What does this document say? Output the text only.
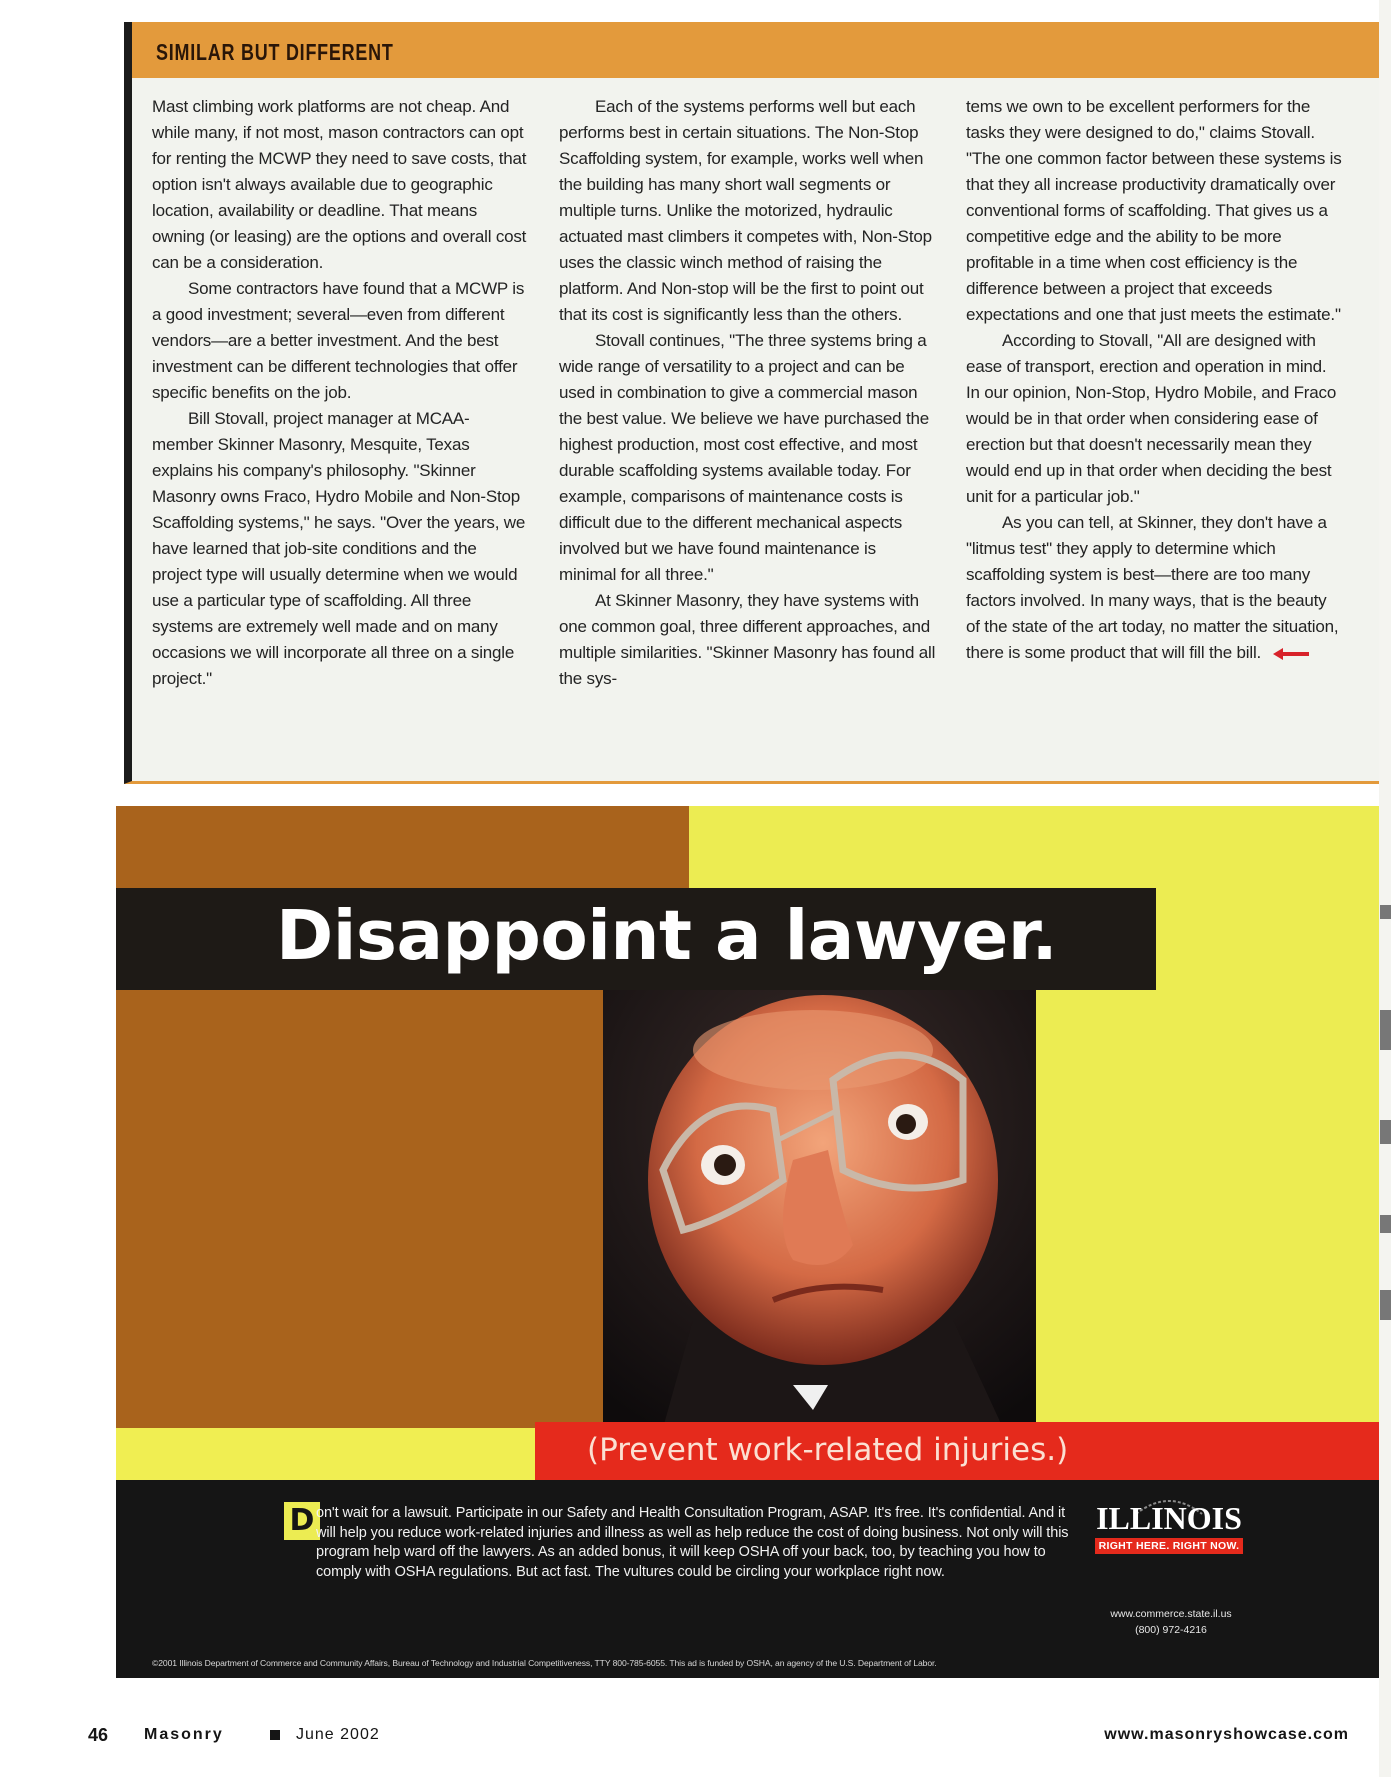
SIMILAR BUT DIFFERENT

Mast climbing work platforms are not cheap. And while many, if not most, mason contractors can opt for renting the MCWP they need to save costs, that option isn't always available due to geographic location, availability or deadline. That means owning (or leasing) are the options and overall cost can be a consideration.

Some contractors have found that a MCWP is a good investment; several—even from different vendors—are a better investment. And the best investment can be different technologies that offer specific benefits on the job.

Bill Stovall, project manager at MCAA-member Skinner Masonry, Mesquite, Texas explains his company's philosophy. "Skinner Masonry owns Fraco, Hydro Mobile and Non-Stop Scaffolding systems," he says. "Over the years, we have learned that job-site conditions and the project type will usually determine when we would use a particular type of scaffolding. All three systems are extremely well made and on many occasions we will incorporate all three on a single project."

Each of the systems performs well but each performs best in certain situations. The Non-Stop Scaffolding system, for example, works well when the building has many short wall segments or multiple turns. Unlike the motorized, hydraulic actuated mast climbers it competes with, Non-Stop uses the classic winch method of raising the platform. And Non-stop will be the first to point out that its cost is significantly less than the others.

Stovall continues, "The three systems bring a wide range of versatility to a project and can be used in combination to give a commercial mason the best value. We believe we have purchased the highest production, most cost effective, and most durable scaffolding systems available today. For example, comparisons of maintenance costs is difficult due to the different mechanical aspects involved but we have found maintenance is minimal for all three."

At Skinner Masonry, they have systems with one common goal, three different approaches, and multiple similarities. "Skinner Masonry has found all the sys-

tems we own to be excellent performers for the tasks they were designed to do," claims Stovall. "The one common factor between these systems is that they all increase productivity dramatically over conventional forms of scaffolding. That gives us a competitive edge and the ability to be more profitable in a time when cost efficiency is the difference between a project that exceeds expectations and one that just meets the estimate."

According to Stovall, "All are designed with ease of transport, erection and operation in mind. In our opinion, Non-Stop, Hydro Mobile, and Fraco would be in that order when considering ease of erection but that doesn't necessarily mean they would end up in that order when deciding the best unit for a particular job."

As you can tell, at Skinner, they don't have a "litmus test" they apply to determine which scaffolding system is best—there are too many factors involved. In many ways, that is the beauty of the state of the art today, no matter the situation, there is some product that will fill the bill.

Disappoint a lawyer.
(Prevent work-related injuries.)
D on't wait for a lawsuit. Participate in our Safety and Health Consultation Program, ASAP. It's free. It's confidential. And it will help you reduce work-related injuries and illness as well as help reduce the cost of doing business. Not only will this program help ward off the lawyers. As an added bonus, it will keep OSHA off your back, too, by teaching you how to comply with OSHA regulations. But act fast. The vultures could be circling your workplace right now.

ILLINOIS
RIGHT HERE. RIGHT NOW.
www.commerce.state.il.us
(800) 972-4216
©2001 Illinois Department of Commerce and Community Affairs, Bureau of Technology and Industrial Competitiveness, TTY 800-785-6055. This ad is funded by OSHA, an agency of the U.S. Department of Labor.
46 Masonry	June 2002	www.masonryshowcase.com
